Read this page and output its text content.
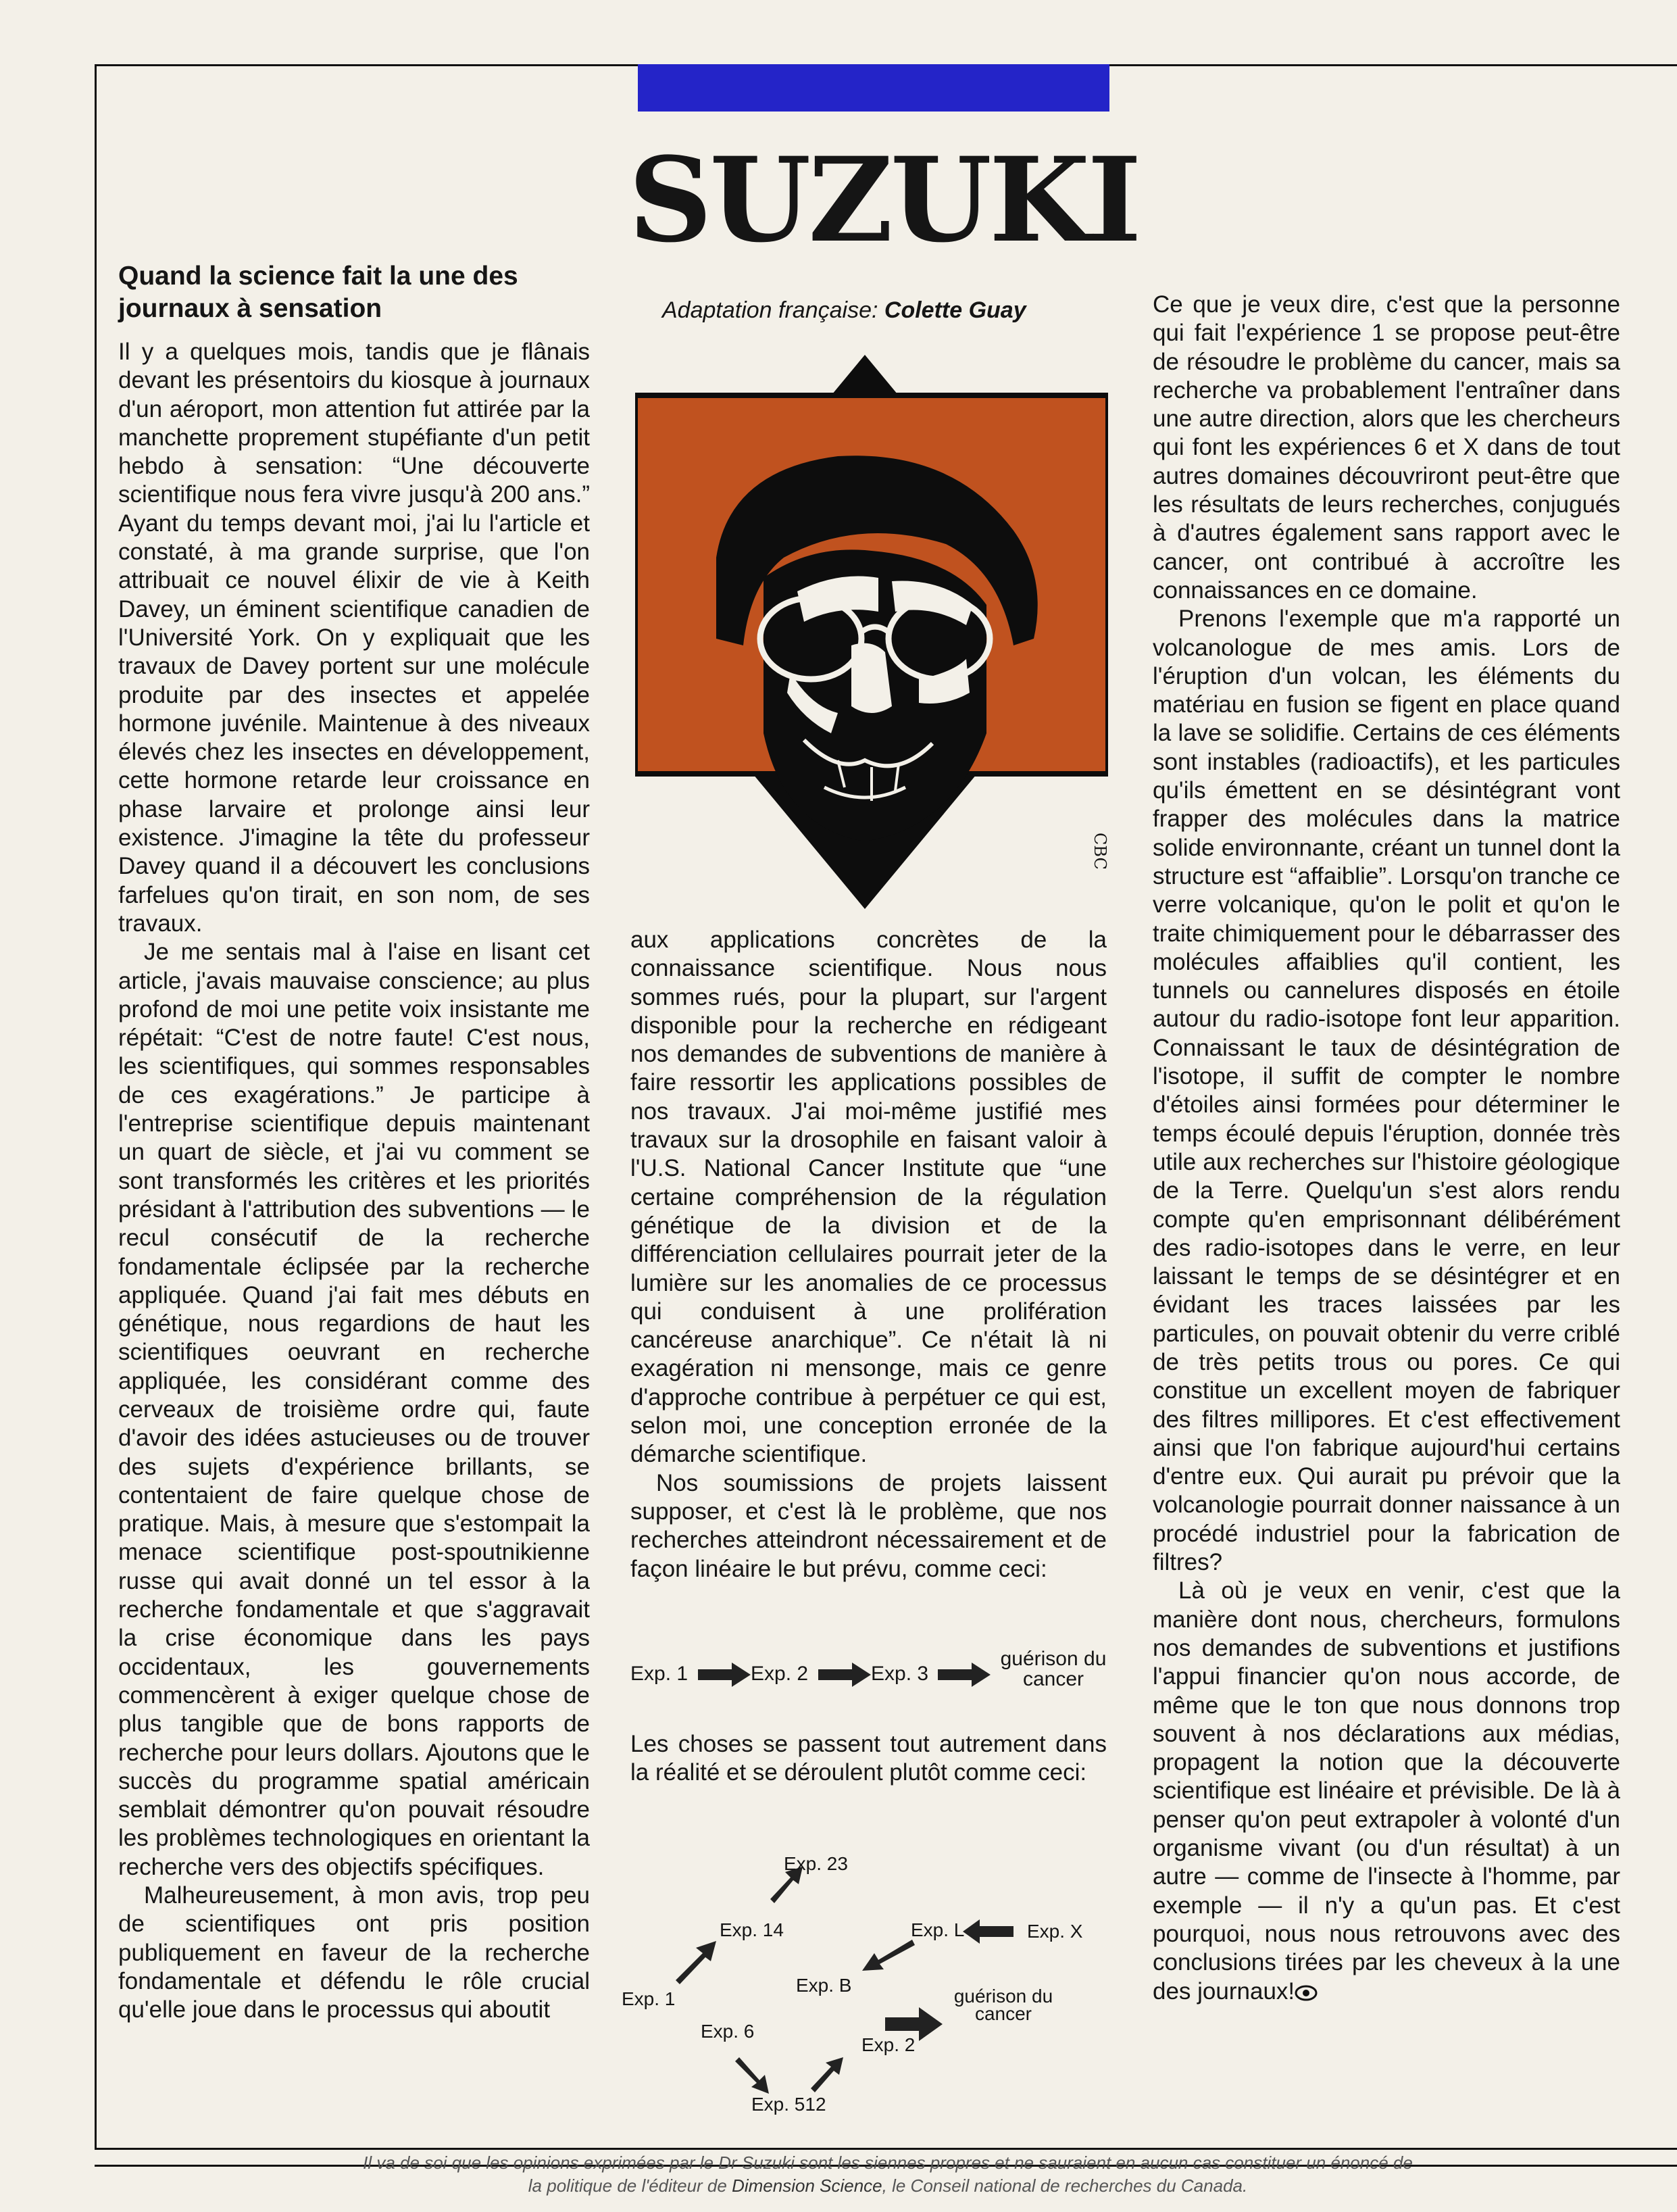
SUZUKI
Quand la science fait la une des journaux à sensation	Adaptation française: Colette Guay
CBC

Il y a quelques mois, tandis que je flânais devant les présentoirs du kiosque à journaux d'un aéroport, mon attention fut attirée par la manchette proprement stupéfiante d'un petit hebdo à sensation: “Une découverte scientifique nous fera vivre jusqu'à 200 ans.” Ayant du temps devant moi, j'ai lu l'article et constaté, à ma grande surprise, que l'on attribuait ce nouvel élixir de vie à Keith Davey, un éminent scientifique canadien de l'Université York. On y expliquait que les travaux de Davey portent sur une molécule produite par des insectes et appelée hormone juvénile. Maintenue à des niveaux élevés chez les insectes en développement, cette hormone retarde leur croissance en phase larvaire et prolonge ainsi leur existence. J'imagine la tête du professeur Davey quand il a découvert les conclusions farfelues qu'on tirait, en son nom, de ses travaux.

Je me sentais mal à l'aise en lisant cet article, j'avais mauvaise conscience; au plus profond de moi une petite voix insistante me répétait: “C'est de notre faute! C'est nous, les scientifiques, qui sommes responsables de ces exagérations.” Je participe à l'entreprise scientifique depuis maintenant un quart de siècle, et j'ai vu comment se sont transformés les critères et les priorités présidant à l'attribution des subventions — le recul consécutif de la recherche fondamentale éclipsée par la recherche appliquée. Quand j'ai fait mes débuts en génétique, nous regardions de haut les scientifiques oeuvrant en recherche appliquée, les considérant comme des cerveaux de troisième ordre qui, faute d'avoir des idées astucieuses ou de trouver des sujets d'expérience brillants, se contentaient de faire quelque chose de pratique. Mais, à mesure que s'estompait la menace scientifique post-spoutnikienne russe qui avait donné un tel essor à la recherche fondamentale et que s'aggravait la crise économique dans les pays occidentaux, les gouvernements commencèrent à exiger quelque chose de plus tangible que de bons rapports de recherche pour leurs dollars. Ajoutons que le succès du programme spatial américain semblait démontrer qu'on pouvait résoudre les problèmes technologiques en orientant la recherche vers des objectifs spécifiques.

Malheureusement, à mon avis, trop peu de scientifiques ont pris position publiquement en faveur de la recherche fondamentale et défendu le rôle crucial qu'elle joue dans le processus qui aboutit

aux applications concrètes de la connaissance scientifique. Nous nous sommes rués, pour la plupart, sur l'argent disponible pour la recherche en rédigeant nos demandes de subventions de manière à faire ressortir les applications possibles de nos travaux. J'ai moi-même justifié mes travaux sur la drosophile en faisant valoir à l'U.S. National Cancer Institute que “une certaine compréhension de la régulation génétique de la division et de la différenciation cellulaires pourrait jeter de la lumière sur les anomalies de ce processus qui conduisent à une prolifération cancéreuse anarchique”. Ce n'était là ni exagération ni mensonge, mais ce genre d'approche contribue à perpétuer ce qui est, selon moi, une conception erronée de la démarche scientifique.

Nos soumissions de projets laissent supposer, et c'est là le problème, que nos recherches atteindront nécessairement et de façon linéaire le but prévu, comme ceci:

Exp. 1	Exp. 2	Exp. 3
guérison du
cancer

Les choses se passent tout autrement dans la réalité et se déroulent plutôt comme ceci:

Exp. 23
Exp. 14	Exp. L	Exp. X
Exp. 1
Exp. B
guérison du
cancer
Exp. 6
Exp. 2
Exp. 512

Ce que je veux dire, c'est que la personne qui fait l'expérience 1 se propose peut-être de résoudre le problème du cancer, mais sa recherche va probablement l'entraîner dans une autre direction, alors que les chercheurs qui font les expériences 6 et X dans de tout autres domaines découvriront peut-être que les résultats de leurs recherches, conjugués à d'autres également sans rapport avec le cancer, ont contribué à accroître les connaissances en ce domaine.

Prenons l'exemple que m'a rapporté un volcanologue de mes amis. Lors de l'éruption d'un volcan, les éléments du matériau en fusion se figent en place quand la lave se solidifie. Certains de ces éléments sont instables (radioactifs), et les particules qu'ils émettent en se désintégrant vont frapper des molécules dans la matrice solide environnante, créant un tunnel dont la structure est “affaiblie”. Lorsqu'on tranche ce verre volcanique, qu'on le polit et qu'on le traite chimiquement pour le débarrasser des molécules affaiblies qu'il contient, les tunnels ou cannelures disposés en étoile autour du radio-isotope font leur apparition. Connaissant le taux de désintégration de l'isotope, il suffit de compter le nombre d'étoiles ainsi formées pour déterminer le temps écoulé depuis l'éruption, donnée très utile aux recherches sur l'histoire géologique de la Terre. Quelqu'un s'est alors rendu compte qu'en emprisonnant délibérément des radio-isotopes dans le verre, en leur laissant le temps de se désintégrer et en évidant les traces laissées par les particules, on pouvait obtenir du verre criblé de très petits trous ou pores. Ce qui constitue un excellent moyen de fabriquer des filtres millipores. Et c'est effectivement ainsi que l'on fabrique aujourd'hui certains d'entre eux. Qui aurait pu prévoir que la volcanologie pourrait donner naissance à un procédé industriel pour la fabrication de filtres?

Là où je veux en venir, c'est que la manière dont nous, chercheurs, formulons nos demandes de subventions et justifions l'appui financier qu'on nous accorde, de même que le ton que nous donnons trop souvent à nos déclarations aux médias, propagent la notion que la découverte scientifique est linéaire et prévisible. De là à penser qu'on peut extrapoler à volonté d'un organisme vivant (ou d'un résultat) à un autre — comme de l'insecte à l'homme, par exemple — il n'y a qu'un pas. Et c'est pourquoi, nous nous retrouvons avec des conclusions tirées par les cheveux à la une des journaux!

Il va de soi que les opinions exprimées par le Dr Suzuki sont les siennes propres et ne sauraient en aucun cas constituer un énoncé de
la politique de l'éditeur de Dimension Science, le Conseil national de recherches du Canada.
